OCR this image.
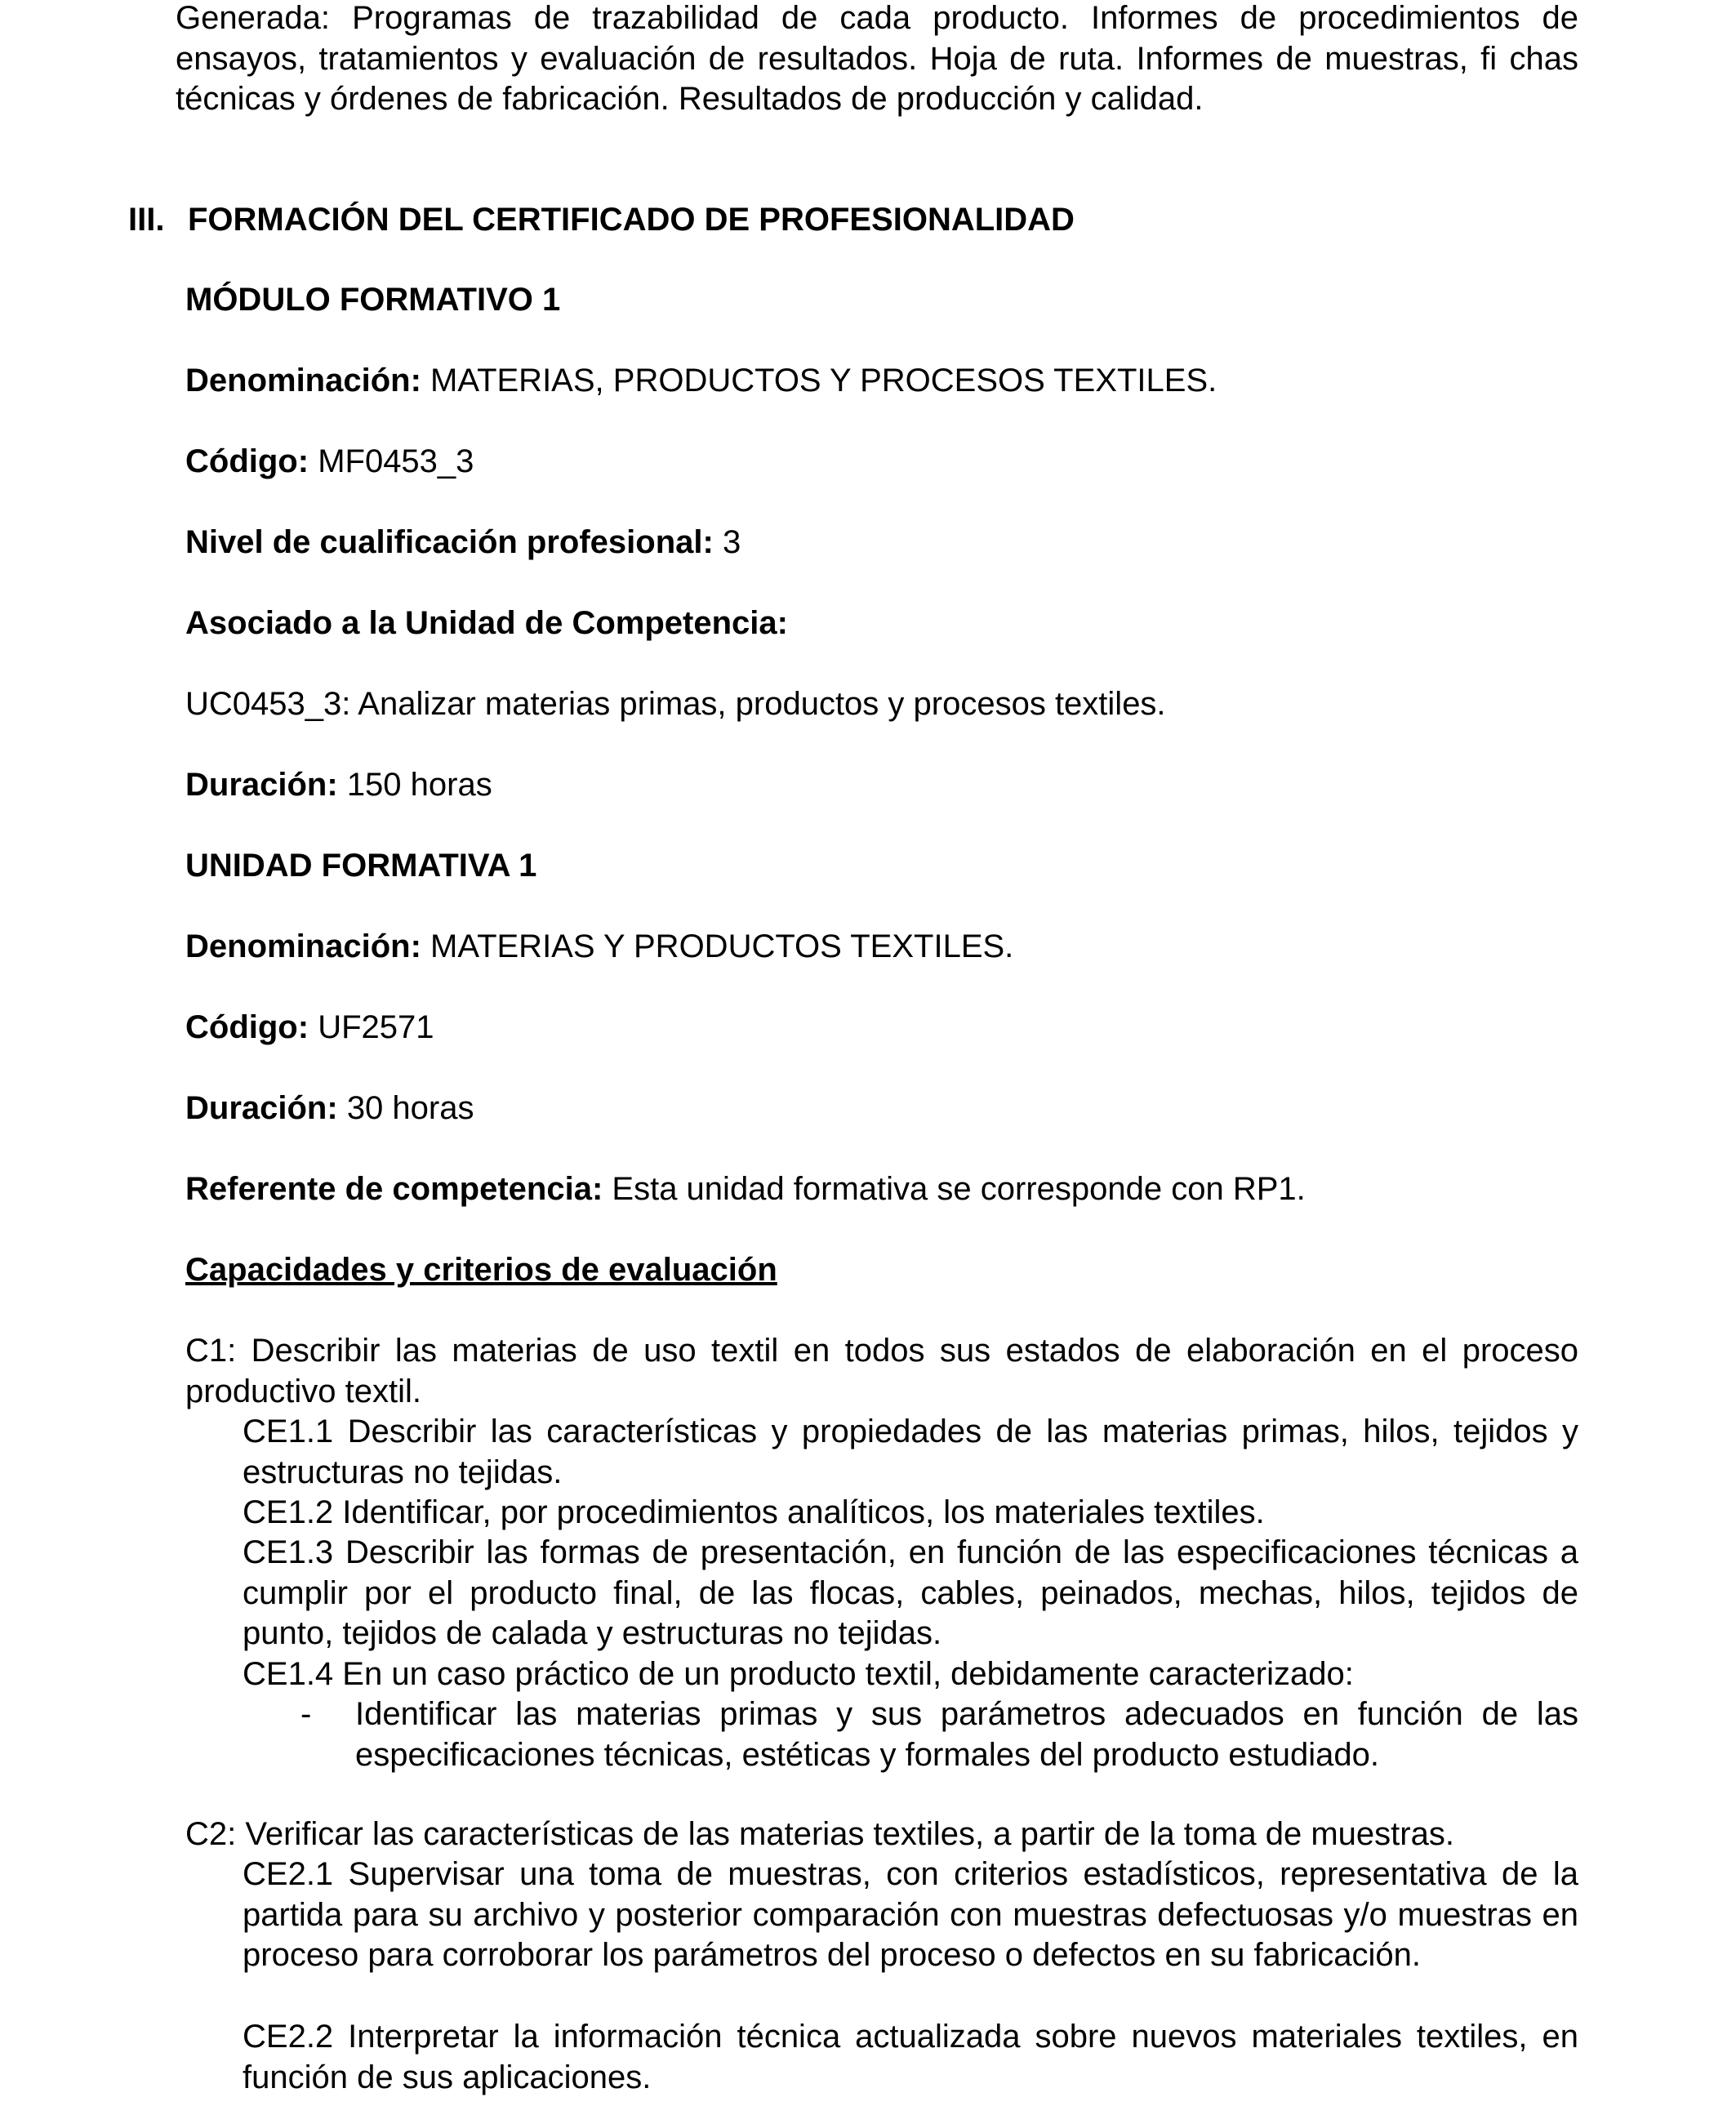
Generada: Programas de trazabilidad de cada producto. Informes de procedimientos de ensayos, tratamientos y evaluación de resultados. Hoja de ruta. Informes de muestras, fi chas técnicas y órdenes de fabricación. Resultados de producción y calidad.

III. FORMACIÓN DEL CERTIFICADO DE PROFESIONALIDAD
MÓDULO FORMATIVO 1
Denominación: MATERIAS, PRODUCTOS Y PROCESOS TEXTILES.
Código: MF0453_3
Nivel de cualificación profesional: 3
Asociado a la Unidad de Competencia:
UC0453_3: Analizar materias primas, productos y procesos textiles.
Duración: 150 horas
UNIDAD FORMATIVA 1
Denominación: MATERIAS Y PRODUCTOS TEXTILES.
Código: UF2571
Duración: 30 horas
Referente de competencia: Esta unidad formativa se corresponde con RP1.
Capacidades y criterios de evaluación

C1: Describir las materias de uso textil en todos sus estados de elaboración en el proceso productivo textil.

CE1.1 Describir las características y propiedades de las materias primas, hilos, tejidos y estructuras no tejidas.

CE1.2 Identificar, por procedimientos analíticos, los materiales textiles.

CE1.3 Describir las formas de presentación, en función de las especificaciones técnicas a cumplir por el producto final, de las flocas, cables, peinados, mechas, hilos, tejidos de punto, tejidos de calada y estructuras no tejidas.

CE1.4 En un caso práctico de un producto textil, debidamente caracterizado:

- Identificar las materias primas y sus parámetros adecuados en función de las especificaciones técnicas, estéticas y formales del producto estudiado.

C2: Verificar las características de las materias textiles, a partir de la toma de muestras.

CE2.1 Supervisar una toma de muestras, con criterios estadísticos, representativa de la partida para su archivo y posterior comparación con muestras defectuosas y/o muestras en proceso para corroborar los parámetros del proceso o defectos en su fabricación.

CE2.2 Interpretar la información técnica actualizada sobre nuevos materiales textiles, en función de sus aplicaciones.
